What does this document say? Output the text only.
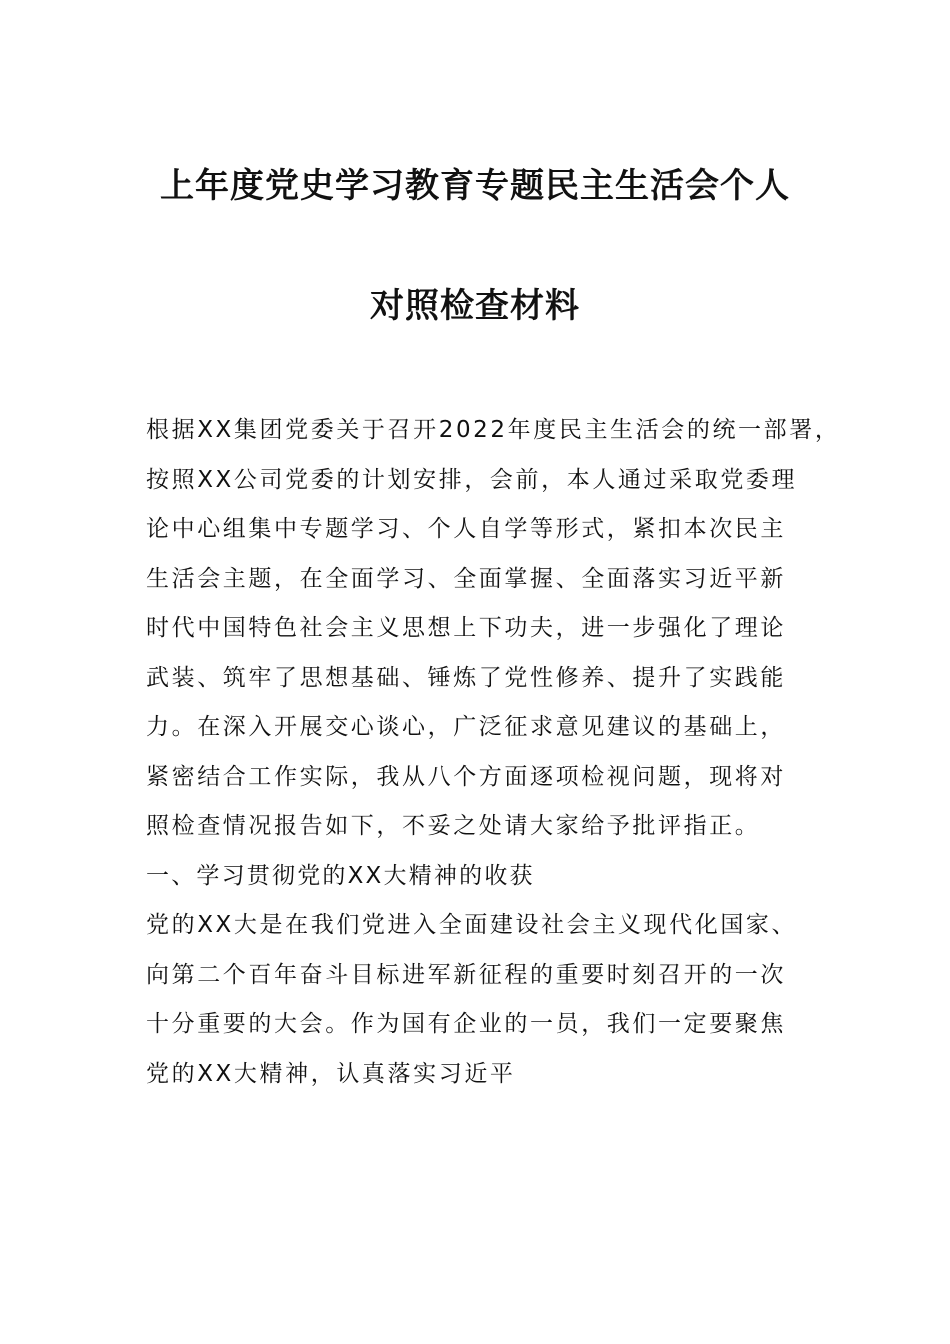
上年度党史学习教育专题民主生活会个人
对照检查材料

根据XX集团党委关于召开2022年度民主生活会的统一部署，

按照XX公司党委的计划安排，会前，本人通过采取党委理

论中心组集中专题学习、个人自学等形式，紧扣本次民主

生活会主题，在全面学习、全面掌握、全面落实习近平新

时代中国特色社会主义思想上下功夫，进一步强化了理论

武装、筑牢了思想基础、锤炼了党性修养、提升了实践能

力。在深入开展交心谈心，广泛征求意见建议的基础上，

紧密结合工作实际，我从八个方面逐项检视问题，现将对

照检查情况报告如下，不妥之处请大家给予批评指正。

一、学习贯彻党的XX大精神的收获

党的XX大是在我们党进入全面建设社会主义现代化国家、

向第二个百年奋斗目标进军新征程的重要时刻召开的一次

十分重要的大会。作为国有企业的一员，我们一定要聚焦

党的XX大精神，认真落实习近平
